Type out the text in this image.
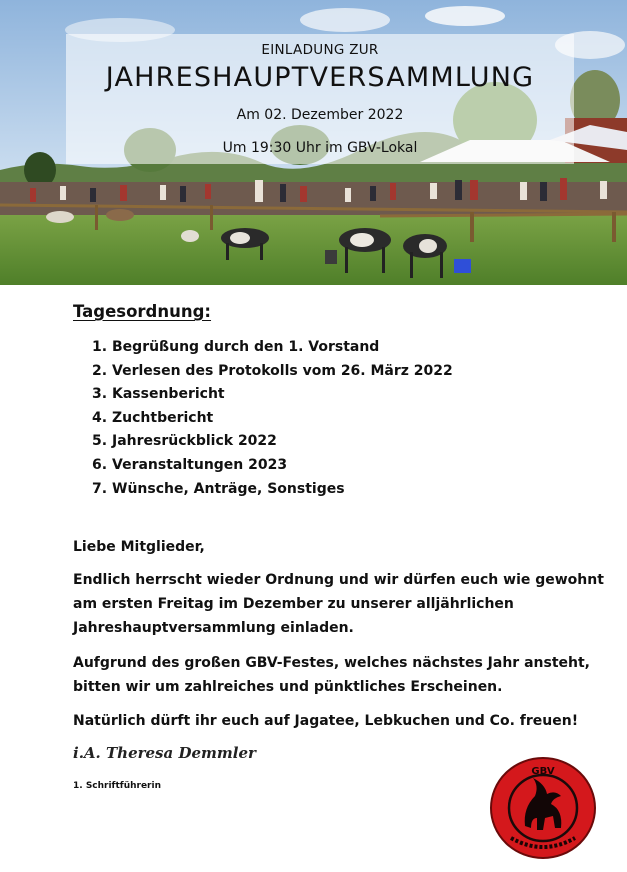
EINLADUNG ZUR
JAHRESHAUPTVERSAMMLUNG
Am 02. Dezember 2022
Um 19:30 Uhr im GBV-Lokal
Tagesordnung:
1. Begrüßung durch den 1. Vorstand
2. Verlesen des Protokolls vom 26. März 2022
3. Kassenbericht
4. Zuchtbericht
5. Jahresrückblick 2022
6. Veranstaltungen 2023
7. Wünsche, Anträge, Sonstiges
Liebe Mitglieder,
Endlich herrscht wieder Ordnung und wir dürfen euch wie gewohnt
am ersten Freitag im Dezember zu unserer alljährlichen
Jahreshauptversammlung einladen.
Aufgrund des großen GBV-Festes, welches nächstes Jahr ansteht,
bitten wir um zahlreiches und pünktliches Erscheinen.
Natürlich dürft ihr euch auf Jagatee, Lebkuchen und Co. freuen!
i.A. Theresa Demmler
1. Schriftführerin
GBV
